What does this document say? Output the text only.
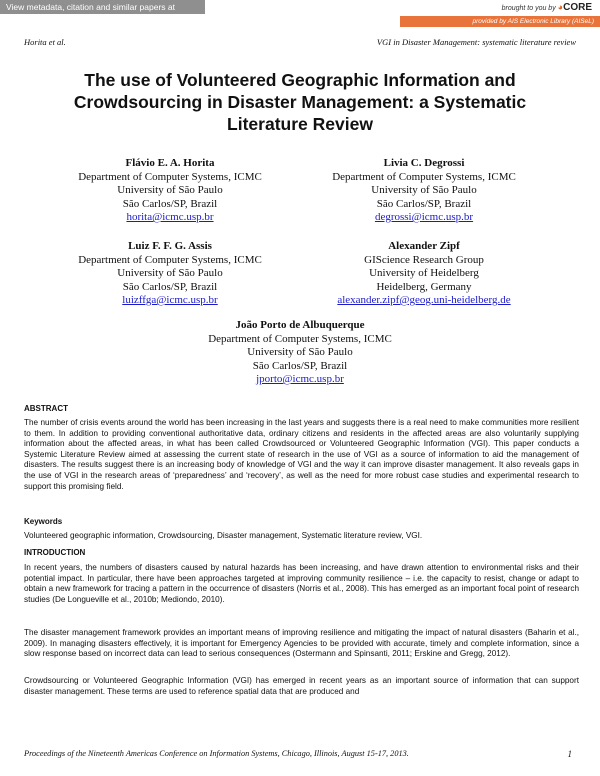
View metadata, citation and similar papers at core.ac.uk
brought to you by ◕CORE
provided by AIS Electronic Library (AISeL)
Horita et al.	VGI in Disaster Management: systematic literature review
The use of Volunteered Geographic Information and Crowdsourcing in Disaster Management: a Systematic Literature Review
Flávio E. A. Horita
Department of Computer Systems, ICMC
University of São Paulo
São Carlos/SP, Brazil
horita@icmc.usp.br
Livia C. Degrossi
Department of Computer Systems, ICMC
University of São Paulo
São Carlos/SP, Brazil
degrossi@icmc.usp.br
Luiz F. F. G. Assis
Department of Computer Systems, ICMC
University of São Paulo
São Carlos/SP, Brazil
luizffga@icmc.usp.br
Alexander Zipf
GIScience Research Group
University of Heidelberg
Heidelberg, Germany
alexander.zipf@geog.uni-heidelberg.de
João Porto de Albuquerque
Department of Computer Systems, ICMC
University of São Paulo
São Carlos/SP, Brazil
jporto@icmc.usp.br
ABSTRACT

The number of crisis events around the world has been increasing in the last years and suggests there is a real need to make communities more resilient to them. In addition to providing conventional authoritative data, ordinary citizens and residents in the affected areas are also voluntarily supplying information about the affected areas, in what has been called Crowdsourced or Volunteered Geographic Information (VGI). This paper conducts a Systemic Literature Review aimed at assessing the current state of research in the use of VGI as a source of information to aid the management of disasters. The results suggest there is an increasing body of knowledge of VGI and the way it can improve disaster management. It also reveals gaps in the use of VGI in the research areas of ‘preparedness’ and ‘recovery’, as well as the need for more robust case studies and experimental research to support this promising field.

Keywords

Volunteered geographic information, Crowdsourcing, Disaster management, Systematic literature review, VGI.

INTRODUCTION

In recent years, the numbers of disasters caused by natural hazards has been increasing, and have drawn attention to environmental risks and their potential impact. In particular, there have been approaches targeted at improving community resilience – i.e. the capacity to resist, change or adapt to obtain a new framework for tracing a pattern in the occurrence of disasters (Norris et al., 2008). This has emerged as an important focal point of research studies (De Longueville et al., 2010b; Mediondo, 2010).

The disaster management framework provides an important means of improving resilience and mitigating the impact of natural disasters (Baharin et al., 2009). In managing disasters effectively, it is important for Emergency Agencies to be provided with accurate, timely and complete information, since a slow response based on incorrect data can lead to serious consequences (Ostermann and Spinsanti, 2011; Erskine and Gregg, 2012).

Crowdsourcing or Volunteered Geographic Information (VGI) has emerged in recent years as an important source of information that can support disaster management. These terms are used to reference spatial data that are produced and

Proceedings of the Nineteenth Americas Conference on Information Systems, Chicago, Illinois, August 15-17, 2013.	1
